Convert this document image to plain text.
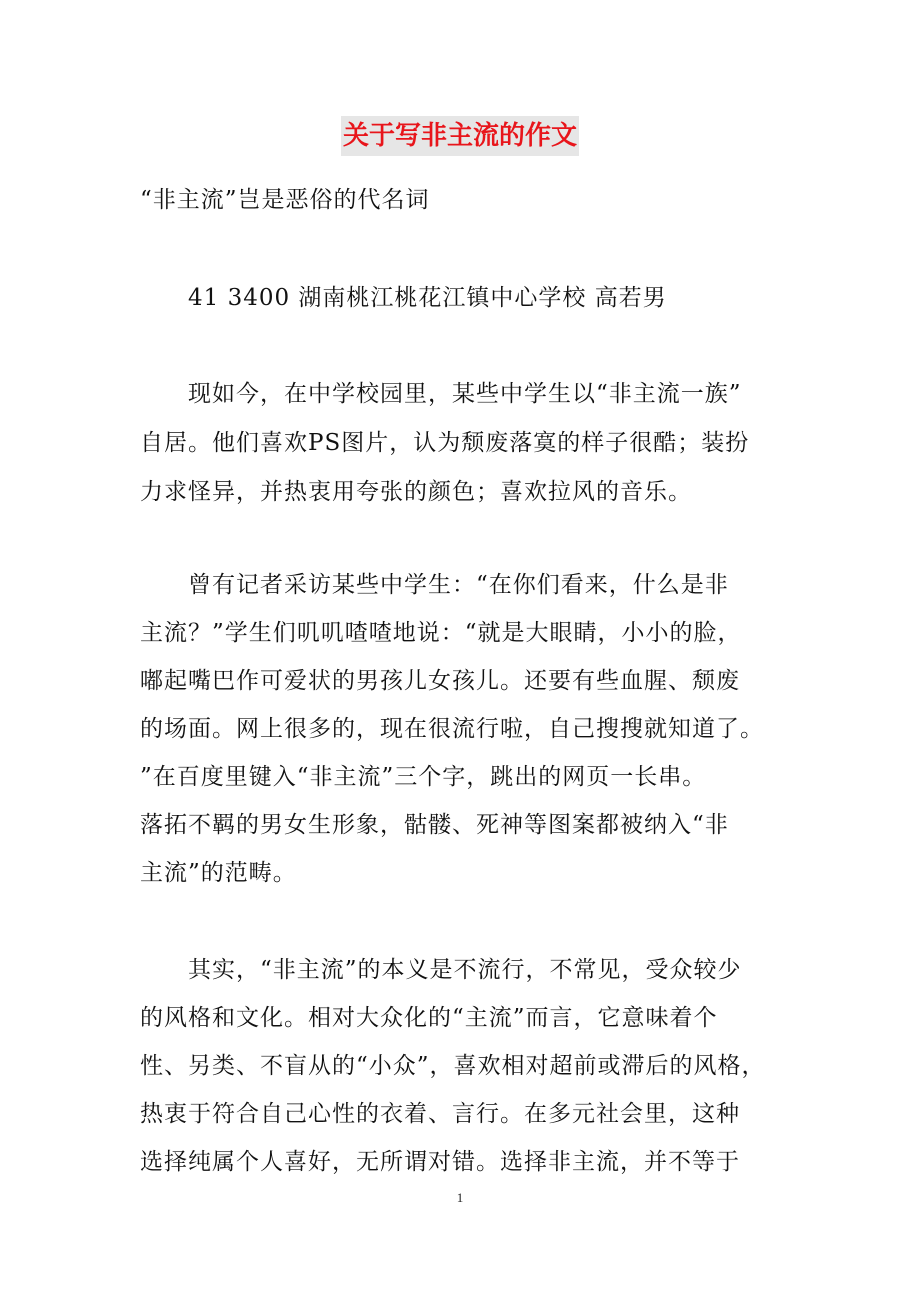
关于写非主流的作文
“非主流”岂是恶俗的代名词
41 3400 湖南桃江桃花江镇中心学校 高若男
现如今，在中学校园里，某些中学生以“非主流一族”
自居。他们喜欢PS图片，认为颓废落寞的样子很酷；装扮
力求怪异，并热衷用夸张的颜色；喜欢拉风的音乐。
曾有记者采访某些中学生：“在你们看来，什么是非
主流？”学生们叽叽喳喳地说：“就是大眼睛，小小的脸，
嘟起嘴巴作可爱状的男孩儿女孩儿。还要有些血腥、颓废
的场面。网上很多的，现在很流行啦，自己搜搜就知道了。
”在百度里键入“非主流”三个字，跳出的网页一长串。
落拓不羁的男女生形象，骷髅、死神等图案都被纳入“非
主流”的范畴。
其实，“非主流”的本义是不流行，不常见，受众较少
的风格和文化。相对大众化的“主流”而言，它意味着个
性、另类、不盲从的“小众”，喜欢相对超前或滞后的风格，
热衷于符合自己心性的衣着、言行。在多元社会里，这种
选择纯属个人喜好，无所谓对错。选择非主流，并不等于
1
